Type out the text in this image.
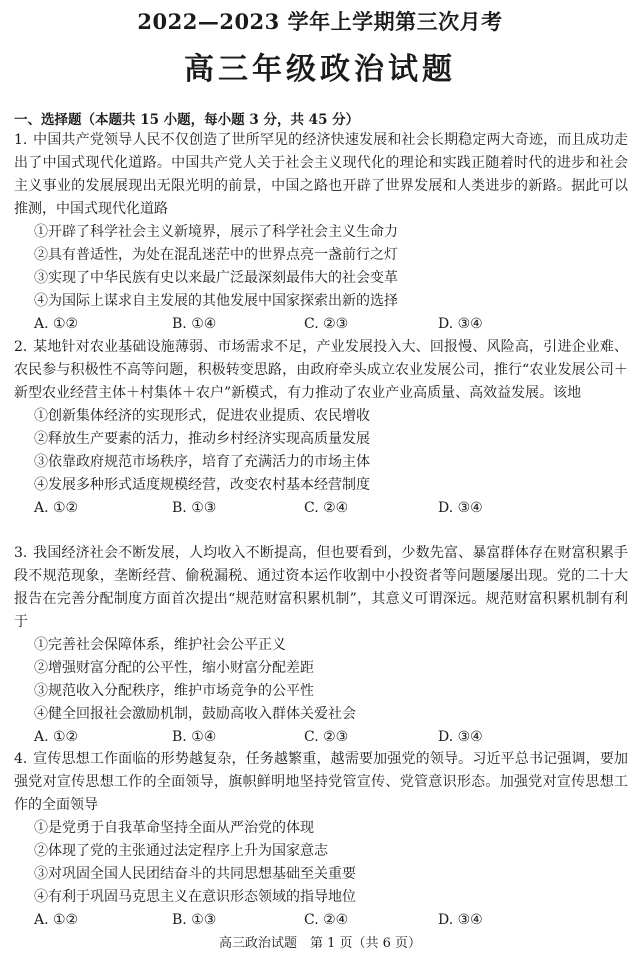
2022—2023 学年上学期第三次月考
高三年级政治试题
一、选择题（本题共 15 小题，每小题 3 分，共 45 分）
1. 中国共产党领导人民不仅创造了世所罕见的经济快速发展和社会长期稳定两大奇迹，而且成功走出了中国式现代化道路。中国共产党人关于社会主义现代化的理论和实践正随着时代的进步和社会主义事业的发展展现出无限光明的前景，中国之路也开辟了世界发展和人类进步的新路。据此可以推测，中国式现代化道路
①开辟了科学社会主义新境界，展示了科学社会主义生命力
②具有普适性，为处在混乱迷茫中的世界点亮一盏前行之灯
③实现了中华民族有史以来最广泛最深刻最伟大的社会变革
④为国际上谋求自主发展的其他发展中国家探索出新的选择
A. ①②	B. ①④	C. ②③	D. ③④
2. 某地针对农业基础设施薄弱、市场需求不足，产业发展投入大、回报慢、风险高，引进企业难、农民参与积极性不高等问题，积极转变思路，由政府牵头成立农业发展公司，推行“农业发展公司＋新型农业经营主体＋村集体＋农户”新模式，有力推动了农业产业高质量、高效益发展。该地
①创新集体经济的实现形式，促进农业提质、农民增收
②释放生产要素的活力，推动乡村经济实现高质量发展
③依靠政府规范市场秩序，培育了充满活力的市场主体
④发展多种形式适度规模经营，改变农村基本经营制度
A. ①②	B. ①③	C. ②④	D. ③④
3. 我国经济社会不断发展，人均收入不断提高，但也要看到，少数先富、暴富群体存在财富积累手段不规范现象，垄断经营、偷税漏税、通过资本运作收割中小投资者等问题屡屡出现。党的二十大报告在完善分配制度方面首次提出“规范财富积累机制”，其意义可谓深远。规范财富积累机制有利于
①完善社会保障体系，维护社会公平正义
②增强财富分配的公平性，缩小财富分配差距
③规范收入分配秩序，维护市场竞争的公平性
④健全回报社会激励机制，鼓励高收入群体关爱社会
A. ①②	B. ①④	C. ②③	D. ③④
4. 宣传思想工作面临的形势越复杂，任务越繁重，越需要加强党的领导。习近平总书记强调，要加强党对宣传思想工作的全面领导，旗帜鲜明地坚持党管宣传、党管意识形态。加强党对宣传思想工作的全面领导
①是党勇于自我革命坚持全面从严治党的体现
②体现了党的主张通过法定程序上升为国家意志
③对巩固全国人民团结奋斗的共同思想基础至关重要
④有利于巩固马克思主义在意识形态领域的指导地位
A. ①②	B. ①③	C. ②④	D. ③④
高三政治试题　第 1 页（共 6 页）
